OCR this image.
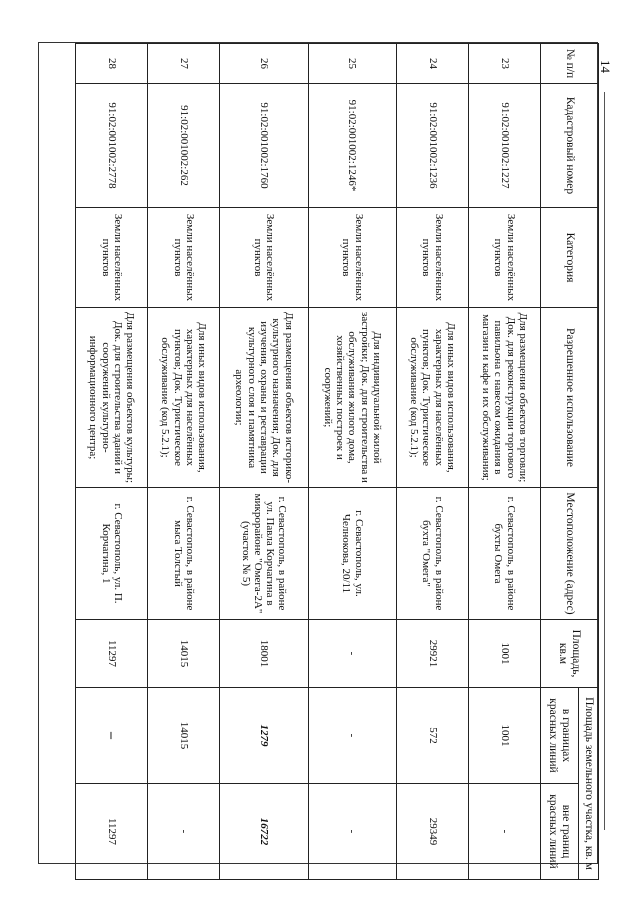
№ п/п	Кадастровый номер	Категория	Разрешенное использование	Местоположение (адрес)	Площадь, кв.м	Площадь земельного участка, кв. м	
						в границах красных линий	вне границ красных линий
23	91:02:001002:1227	Земли населённых пунктов	Для размещения объектов торговли; Док. для реконструкции торгового павильона с навесом ожидания в магазин и кафе и их обслуживания;	г. Севастополь, в районе бухты Омега	1001	1001	-
24	91:02:001002:1236	Земли населённых пунктов	Для иных видов использования, характерных для населённых пунктов; Док. Туристическое обслуживание (код 5.2.1);	г. Севастополь, в районе бухта "Омега"	29921	572	29349
25	91:02:001002:1246*	Земли населённых пунктов	Для индивидуальной жилой застройки; Док. для строительства и обслуживания жилого дома, хозяйственных построек и сооружений;	г. Севастополь, ул. Челнокова, 20/11	-	-	-
26	91:02:001002:1760	Земли населённых пунктов	Для размещения объектов историко-культурного назначения; Док. для изучения, охраны и реставрации культурного слоя и памятника археологии;	г. Севастополь, в районе ул. Павла Корчагина в микрорайоне "Омега-2А" (участок № 5)	18001	1279	16722
27	91:02:001002:262	Земли населённых пунктов	Для иных видов использования, характерных для населённых пунктов; Док. Туристическое обслуживание (код 5.2.1);	г. Севастополь, в районе мыса Толстый	14015	14015	-
28	91:02:001002:2778	Земли населённых пунктов	Для размещения объектов культуры; Док. для строительства зданий и сооружений культурно-информационного центра;	г. Севастополь, ул. П. Корчагина, 1	11297	–	11297
14
